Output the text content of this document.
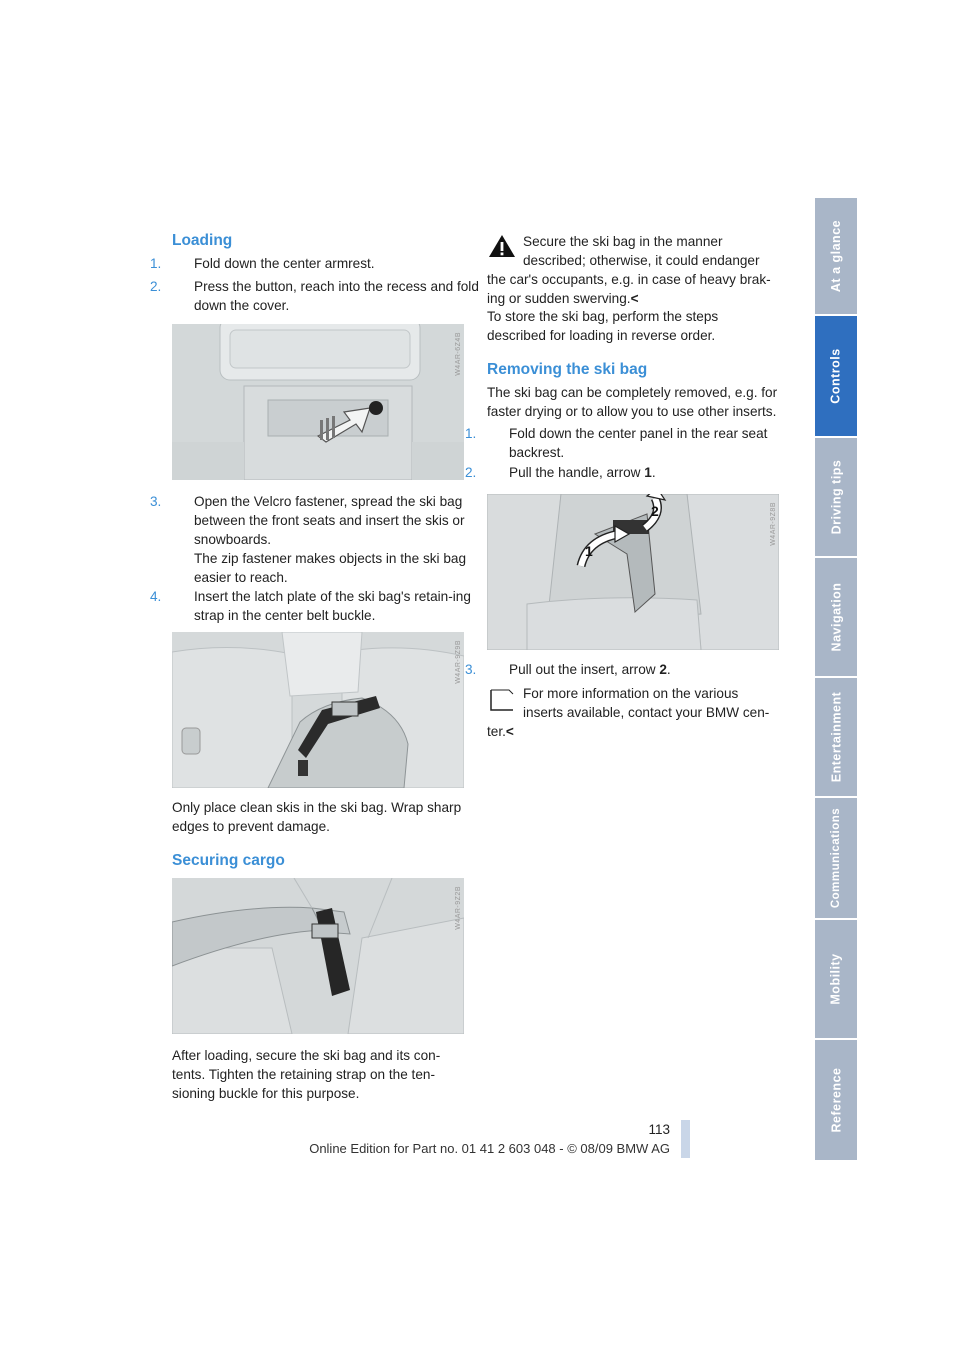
Loading
1. Fold down the center armrest.
2. Press the button, reach into the recess and fold down the cover.
W4AR-6Z4B
3. Open the Velcro fastener, spread the ski bag between the front seats and insert the skis or snowboards.
The zip fastener makes objects in the ski bag easier to reach.
4. Insert the latch plate of the ski bag's retain-ing strap in the center belt buckle.
W4AR-9Z9B
Only place clean skis in the ski bag. Wrap sharp edges to prevent damage.
Securing cargo
W4AR-9Z2B
After loading, secure the ski bag and its con-tents. Tighten the retaining strap on the ten-sioning buckle for this purpose.
Secure the ski bag in the manner described; otherwise, it could endanger the car's occupants, e.g. in case of heavy brak-ing or sudden swerving.<
To store the ski bag, perform the steps described for loading in reverse order.
Removing the ski bag
The ski bag can be completely removed, e.g. for faster drying or to allow you to use other inserts.
1. Fold down the center panel in the rear seat backrest.
2. Pull the handle, arrow 1.
1
2	W4AR-9Z8B
3. Pull out the insert, arrow 2.
For more information on the various inserts available, contact your BMW cen-ter.<
At a glance
Controls
Driving tips
Navigation
Entertainment
Communications
Mobility
Reference
113
Online Edition for Part no. 01 41 2 603 048 - © 08/09 BMW AG
